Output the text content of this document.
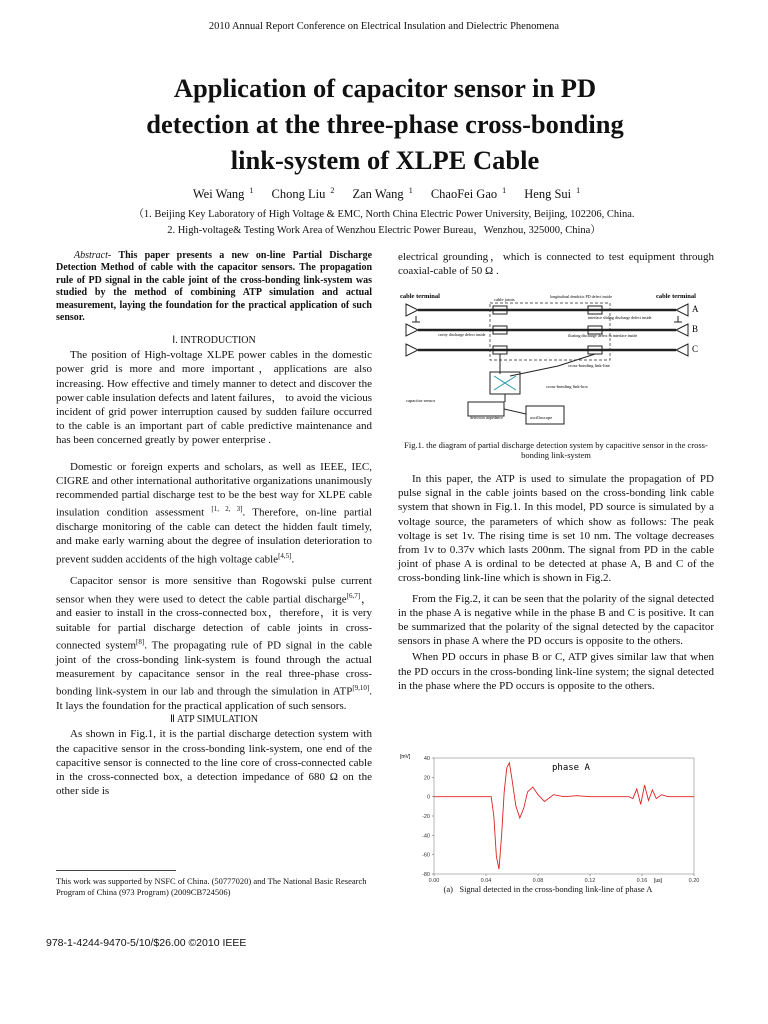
2010 Annual Report Conference on Electrical Insulation and Dielectric Phenomena
Application of capacitor sensor in PD
detection at the three-phase cross-bonding
link-system of XLPE Cable
Wei Wang $^1$ Chong Liu $^2$ Zan Wang $^1$ ChaoFei Gao $^1$ Heng Sui $^1$
（1. Beijing Key Laboratory of High Voltage & EMC, North China Electric Power University, Beijing, 102206, China.
2. High-voltage& Testing Work Area of Wenzhou Electric Power Bureau，Wenzhou, 325000, China）
Abstract- This paper presents a new on-line Partial Discharge Detection Method of cable with the capacitor sensors. The propagation rule of PD signal in the cable joint of the cross-bonding link-system was studied by the method of combining ATP simulation and actual measurement, laying the foundation for the practical application of such sensor.

Ⅰ. INTRODUCTION

The position of High-voltage XLPE power cables in the domestic power grid is more and more important，applications are also increasing. How effective and timely manner to detect and discover the power cable insulation defects and latent failures， to avoid the vicious incident of grid power interruption caused by sudden failure occurred to the cable is an important part of cable predictive maintenance and has been concerned greatly by power enterprise .

Domestic or foreign experts and scholars, as well as IEEE, IEC, CIGRE and other international authoritative organizations unanimously recommended partial discharge test to be the best way for XLPE cable insulation condition assessment [1, 2, 3]. Therefore, on-line partial discharge monitoring of the cable can detect the hidden fault timely, and make early warning about the degree of insulation deterioration to prevent sudden accidents of the high voltage cable[4,5].

Capacitor sensor is more sensitive than Rogowski pulse current sensor when they were used to detect the cable partial discharge[6,7]，and easier to install in the cross-connected box，therefore，it is very suitable for partial discharge detection of cable joints in cross-connected system[8]. The propagating rule of PD signal in the cable joint of the cross-bonding link-system is found through the actual measurement by capacitance sensor in the real three-phase cross-bonding link-system in our lab and through the simulation in ATP[9,10]. It lays the foundation for the practical application of such sensors.

Ⅱ ATP SIMULATION

As shown in Fig.1, it is the partial discharge detection system with the capacitive sensor in the cross-bonding link-system, one end of the capacitive sensor is connected to the line core of cross-connected cable in the cross-connected box, a detection impedance of 680 Ω on the other side is

This work was supported by NSFC of China. (50777020) and The National Basic Research Program of China (973 Program) (2009CB724506)
978-1-4244-9470-5/10/$26.00 ©2010 IEEE

electrical grounding，which is connected to test equipment through coaxial-cable of 50 Ω .

cable terminal	cable terminal
cable joints
longitudinal dendritic PD defect inside
interface sliding discharge defect inside
cavity discharge defect inside	floating discharge defect in interface inside
cross-bonding link-line
cross-bonding link-box
capacitor sensor
detection impedance	oscilloscope
A
B
C
Fig.1. the diagram of partial discharge detection system by capacitive sensor in the cross-bonding link-system

In this paper, the ATP is used to simulate the propagation of PD pulse signal in the cable joints based on the cross-bonding link cable system that shown in Fig.1. In this model, PD source is simulated by a voltage source, the parameters of which show as follows: The peak voltage is set 1v. The rising time is set 10 nm. The voltage decreases from 1v to 0.37v which lasts 200nm. The signal from PD in the cable joint of phase A is ordinal to be detected at phase A, B and C of the cross-bonding link-line which is shown in Fig.2.

From the Fig.2, it can be seen that the polarity of the signal detected in the phase A is negative while in the phase B and C is positive. It can be summarized that the polarity of the signal detected by the capacitor sensors in phase A where the PD occurs is opposite to the others.

When PD occurs in phase B or C, ATP gives similar law that when the PD occurs in the cross-bonding link-line system; the signal detected in the phase where the PD occurs is opposite to the others.

[mV]
[us]
phase A
40
20
0
-20
-40
-60
-80
0.00	0.04	0.08	0.12	0.16	0.20
(a) Signal detected in the cross-bonding link-line of phase A
